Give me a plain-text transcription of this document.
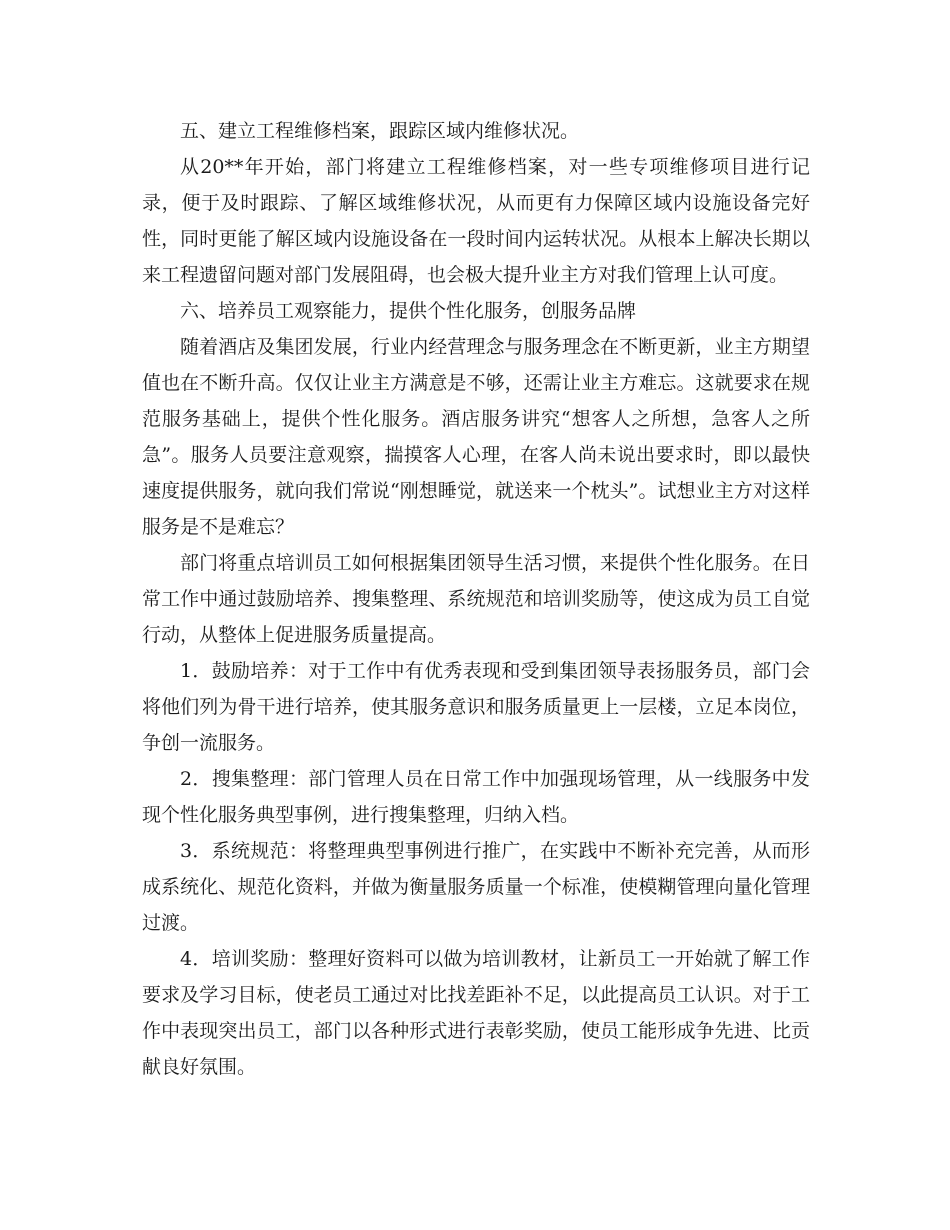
五、建立工程维修档案，跟踪区域内维修状况。

从20**年开始，部门将建立工程维修档案，对一些专项维修项目进行记录，便于及时跟踪、了解区域维修状况，从而更有力保障区域内设施设备完好性，同时更能了解区域内设施设备在一段时间内运转状况。从根本上解决长期以来工程遗留问题对部门发展阻碍，也会极大提升业主方对我们管理上认可度。

六、培养员工观察能力，提供个性化服务，创服务品牌

随着酒店及集团发展，行业内经营理念与服务理念在不断更新，业主方期望值也在不断升高。仅仅让业主方满意是不够，还需让业主方难忘。这就要求在规范服务基础上，提供个性化服务。酒店服务讲究“想客人之所想，急客人之所急”。服务人员要注意观察，揣摸客人心理，在客人尚未说出要求时，即以最快速度提供服务，就向我们常说“刚想睡觉，就送来一个枕头”。试想业主方对这样服务是不是难忘？

部门将重点培训员工如何根据集团领导生活习惯，来提供个性化服务。在日常工作中通过鼓励培养、搜集整理、系统规范和培训奖励等，使这成为员工自觉行动，从整体上促进服务质量提高。

1．鼓励培养：对于工作中有优秀表现和受到集团领导表扬服务员，部门会将他们列为骨干进行培养，使其服务意识和服务质量更上一层楼，立足本岗位，争创一流服务。

2．搜集整理：部门管理人员在日常工作中加强现场管理，从一线服务中发现个性化服务典型事例，进行搜集整理，归纳入档。

3．系统规范：将整理典型事例进行推广，在实践中不断补充完善，从而形成系统化、规范化资料，并做为衡量服务质量一个标准，使模糊管理向量化管理过渡。

4．培训奖励：整理好资料可以做为培训教材，让新员工一开始就了解工作要求及学习目标，使老员工通过对比找差距补不足，以此提高员工认识。对于工作中表现突出员工，部门以各种形式进行表彰奖励，使员工能形成争先进、比贡献良好氛围。
